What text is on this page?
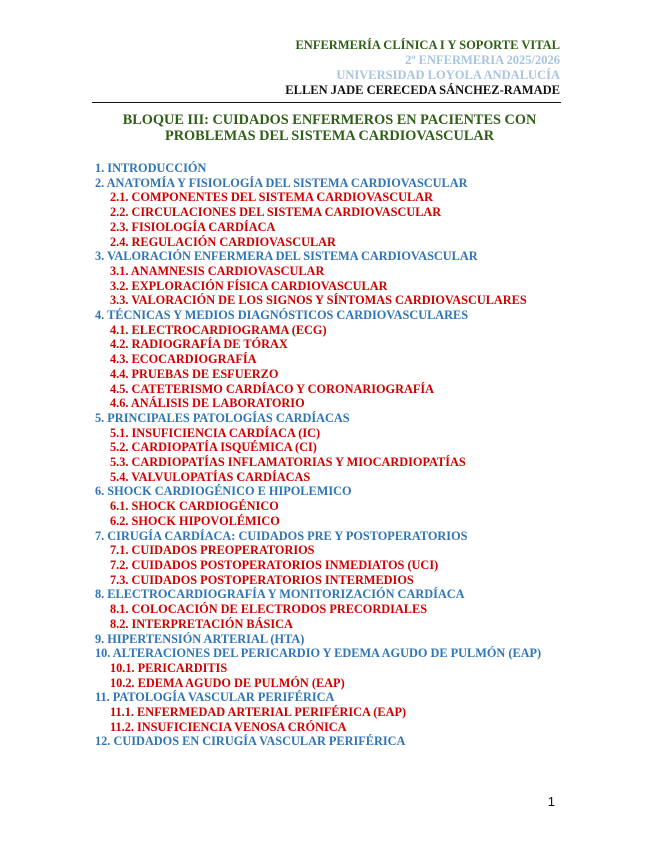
ENFERMERÍA CLÍNICA I Y SOPORTE VITAL
2º ENFERMERIA 2025/2026
UNIVERSIDAD LOYOLA ANDALUCÍA
ELLEN JADE CERECEDA SÁNCHEZ-RAMADE
BLOQUE III: CUIDADOS ENFERMEROS EN PACIENTES CON PROBLEMAS DEL SISTEMA CARDIOVASCULAR
1. INTRODUCCIÓN
2. ANATOMÍA Y FISIOLOGÍA DEL SISTEMA CARDIOVASCULAR
2.1. COMPONENTES DEL SISTEMA CARDIOVASCULAR
2.2. CIRCULACIONES DEL SISTEMA CARDIOVASCULAR
2.3. FISIOLOGÍA CARDÍACA
2.4. REGULACIÓN CARDIOVASCULAR
3. VALORACIÓN ENFERMERA DEL SISTEMA CARDIOVASCULAR
3.1. ANAMNESIS CARDIOVASCULAR
3.2. EXPLORACIÓN FÍSICA CARDIOVASCULAR
3.3. VALORACIÓN DE LOS SIGNOS Y SÍNTOMAS CARDIOVASCULARES
4. TÉCNICAS Y MEDIOS DIAGNÓSTICOS CARDIOVASCULARES
4.1. ELECTROCARDIOGRAMA (ECG)
4.2. RADIOGRAFÍA DE TÓRAX
4.3. ECOCARDIOGRAFÍA
4.4. PRUEBAS DE ESFUERZO
4.5. CATETERISMO CARDÍACO Y CORONARIOGRAFÍA
4.6. ANÁLISIS DE LABORATORIO
5. PRINCIPALES PATOLOGÍAS CARDÍACAS
5.1. INSUFICIENCIA CARDÍACA (IC)
5.2. CARDIOPATÍA ISQUÉMICA (CI)
5.3. CARDIOPATÍAS INFLAMATORIAS Y MIOCARDIOPATÍAS
5.4. VALVULOPATÍAS CARDÍACAS
6. SHOCK CARDIOGÉNICO E HIPOLEMICO
6.1. SHOCK CARDIOGÉNICO
6.2. SHOCK HIPOVOLÉMICO
7. CIRUGÍA CARDÍACA: CUIDADOS PRE Y POSTOPERATORIOS
7.1. CUIDADOS PREOPERATORIOS
7.2. CUIDADOS POSTOPERATORIOS INMEDIATOS (UCI)
7.3. CUIDADOS POSTOPERATORIOS INTERMEDIOS
8. ELECTROCARDIOGRAFÍA Y MONITORIZACIÓN CARDÍACA
8.1. COLOCACIÓN DE ELECTRODOS PRECORDIALES
8.2. INTERPRETACIÓN BÁSICA
9. HIPERTENSIÓN ARTERIAL (HTA)
10. ALTERACIONES DEL PERICARDIO Y EDEMA AGUDO DE PULMÓN (EAP)
10.1. PERICARDITIS
10.2. EDEMA AGUDO DE PULMÓN (EAP)
11. PATOLOGÍA VASCULAR PERIFÉRICA
11.1. ENFERMEDAD ARTERIAL PERIFÉRICA (EAP)
11.2. INSUFICIENCIA VENOSA CRÓNICA
12. CUIDADOS EN CIRUGÍA VASCULAR PERIFÉRICA
1
